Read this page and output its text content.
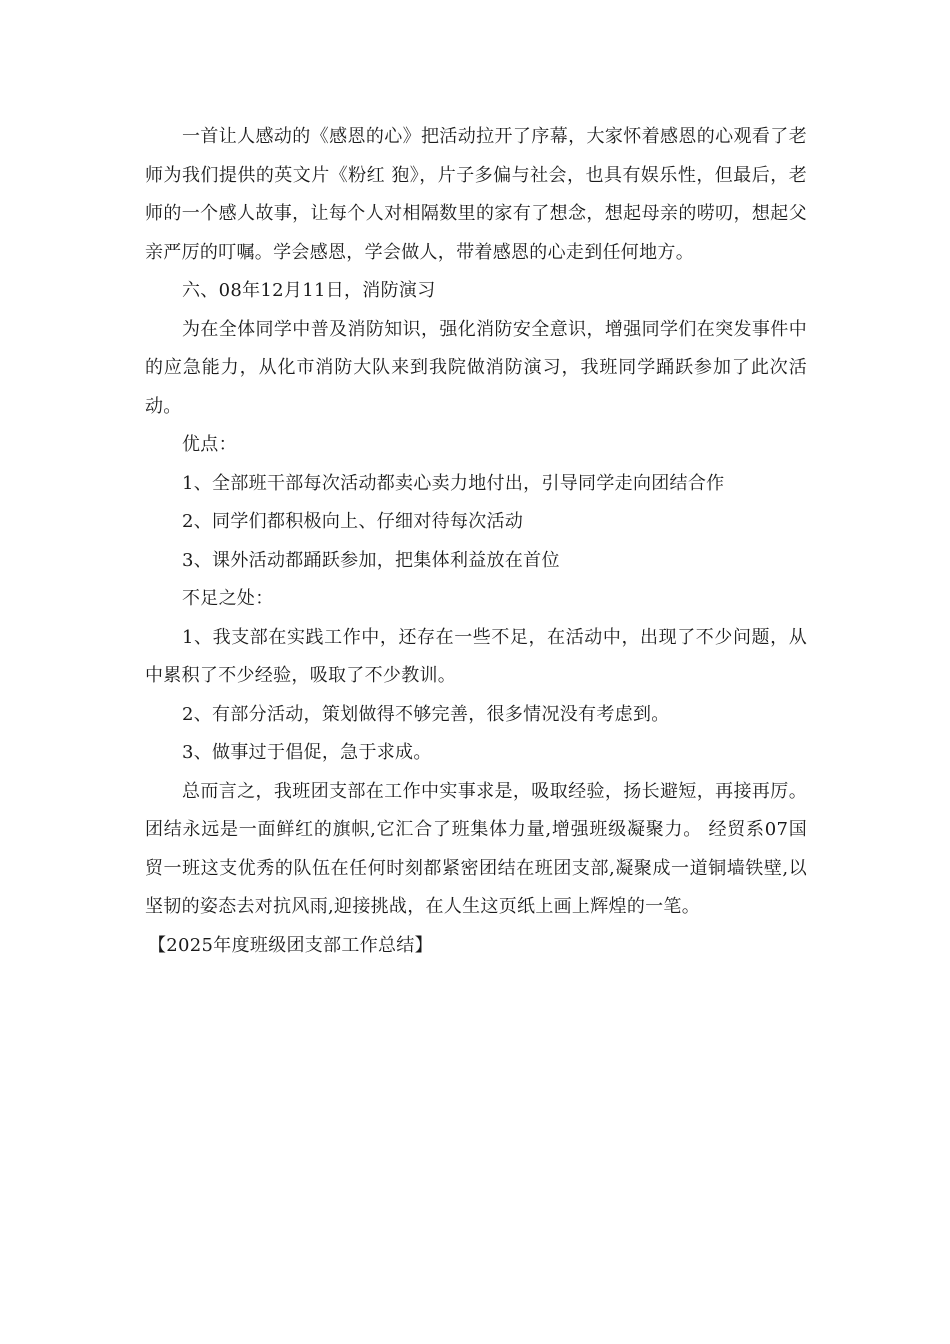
一首让人感动的《感恩的心》把活动拉开了序幕，大家怀着感恩的心观看了老师为我们提供的英文片《粉红 狍》，片子多偏与社会，也具有娱乐性，但最后，老师的一个感人故事，让每个人对相隔数里的家有了想念，想起母亲的唠叨，想起父亲严厉的叮嘱。学会感恩，学会做人，带着感恩的心走到任何地方。

六、08年12月11日，消防演习

为在全体同学中普及消防知识，强化消防安全意识，增强同学们在突发事件中的应急能力，从化市消防大队来到我院做消防演习，我班同学踊跃参加了此次活动。

优点：

1、全部班干部每次活动都卖心卖力地付出，引导同学走向团结合作

2、同学们都积极向上、仔细对待每次活动

3、课外活动都踊跃参加，把集体利益放在首位

不足之处：

1、我支部在实践工作中，还存在一些不足，在活动中，出现了不少问题，从中累积了不少经验，吸取了不少教训。

2、有部分活动，策划做得不够完善，很多情况没有考虑到。

3、做事过于倡促，急于求成。

总而言之，我班团支部在工作中实事求是，吸取经验，扬长避短，再接再厉。团结永远是一面鲜红的旗帜,它汇合了班集体力量,增强班级凝聚力。 经贸系07国贸一班这支优秀的队伍在任何时刻都紧密团结在班团支部,凝聚成一道铜墙铁壁,以坚韧的姿态去对抗风雨,迎接挑战，在人生这页纸上画上辉煌的一笔。

【2025年度班级团支部工作总结】
